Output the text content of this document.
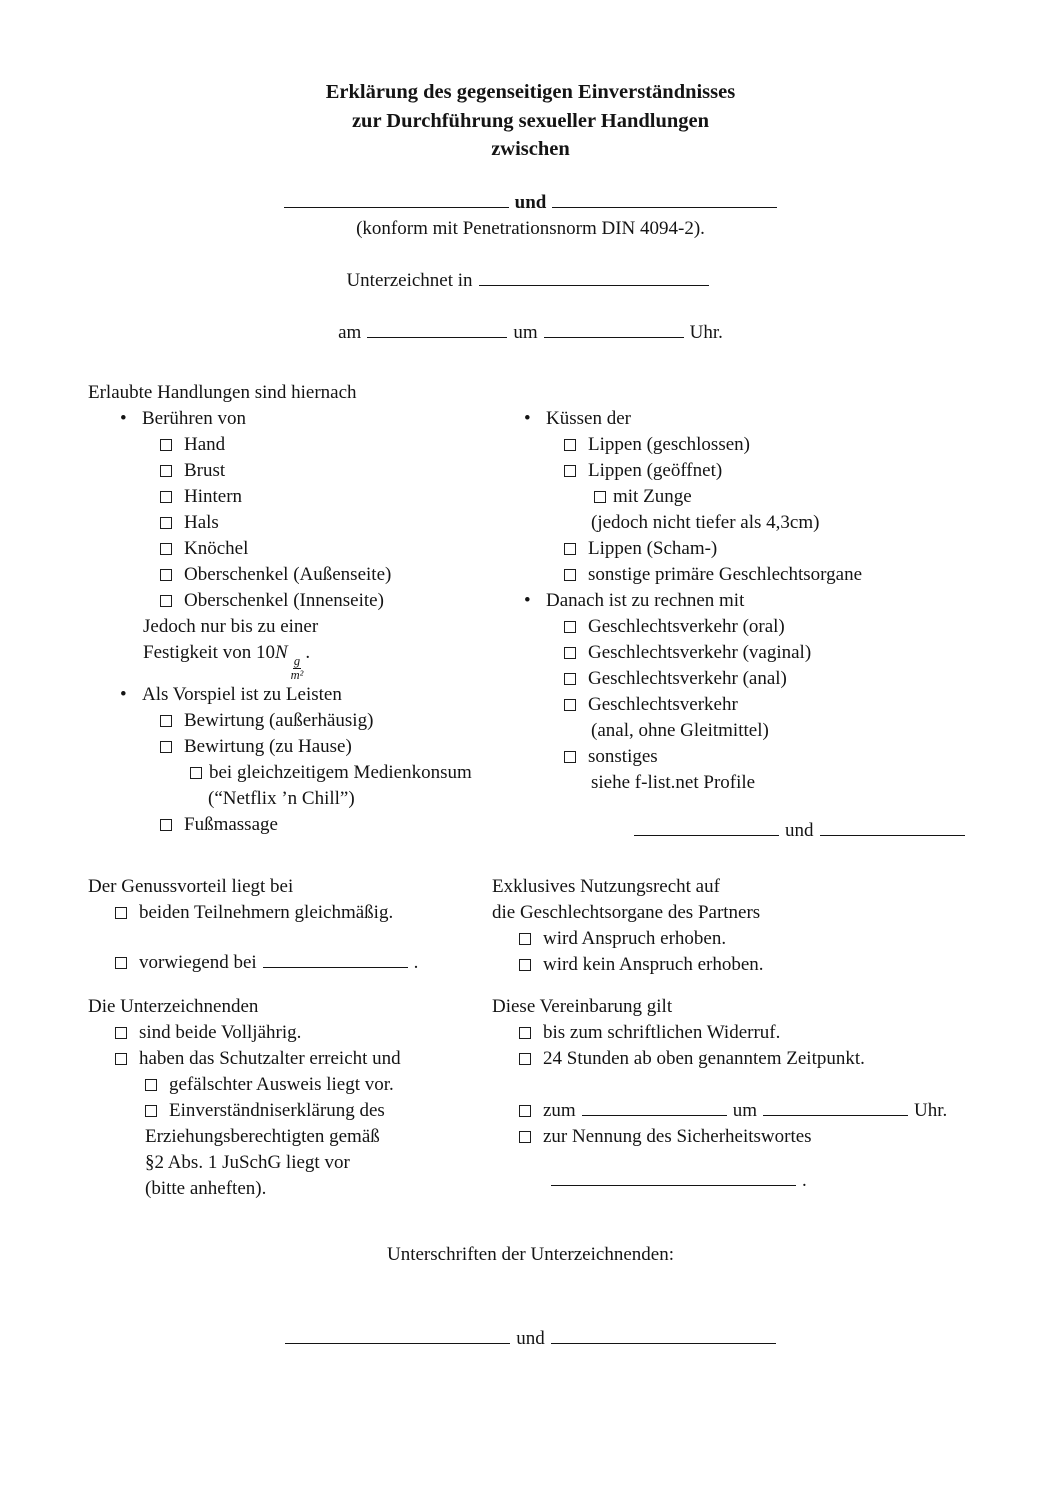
Erklärung des gegenseitigen Einverständnisses
zur Durchführung sexueller Handlungen
zwischen
und
(konform mit Penetrationsnorm DIN 4094-2).
Unterzeichnet in
am	um	Uhr.
Erlaubte Handlungen sind hiernach
•Berühren von
Hand
Brust
Hintern
Hals
Knöchel
Oberschenkel (Außenseite)
Oberschenkel (Innenseite)
Jedoch nur bis zu einer
Festigkeit von 10N
$\frac{g}{\text{m²}}$
.
•Als Vorspiel ist zu Leisten
Bewirtung (außerhäusig)
Bewirtung (zu Hause)
bei gleichzeitigem Medienkonsum
(“Netflix ’n Chill”)
Fußmassage
•Küssen der
Lippen (geschlossen)
Lippen (geöffnet)
mit Zunge
(jedoch nicht tiefer als 4,3cm)
Lippen (Scham-)
sonstige primäre Geschlechtsorgane
•Danach ist zu rechnen mit
Geschlechtsverkehr (oral)
Geschlechtsverkehr (vaginal)
Geschlechtsverkehr (anal)
Geschlechtsverkehr
(anal, ohne Gleitmittel)
sonstiges
siehe f-list.net Profile
und
Der Genussvorteil liegt bei
beiden Teilnehmern gleichmäßig.
vorwiegend bei	.
Exklusives Nutzungsrecht auf
die Geschlechtsorgane des Partners
wird Anspruch erhoben.
wird kein Anspruch erhoben.
Die Unterzeichnenden
sind beide Volljährig.
haben das Schutzalter erreicht und
gefälschter Ausweis liegt vor.
Einverständniserklärung des
Erziehungsberechtigten gemäß
§2 Abs. 1 JuSchG liegt vor
(bitte anheften).
Diese Vereinbarung gilt
bis zum schriftlichen Widerruf.
24 Stunden ab oben genanntem Zeitpunkt.
zum	um	Uhr.
zur Nennung des Sicherheitswortes
.
Unterschriften der Unterzeichnenden:
und
